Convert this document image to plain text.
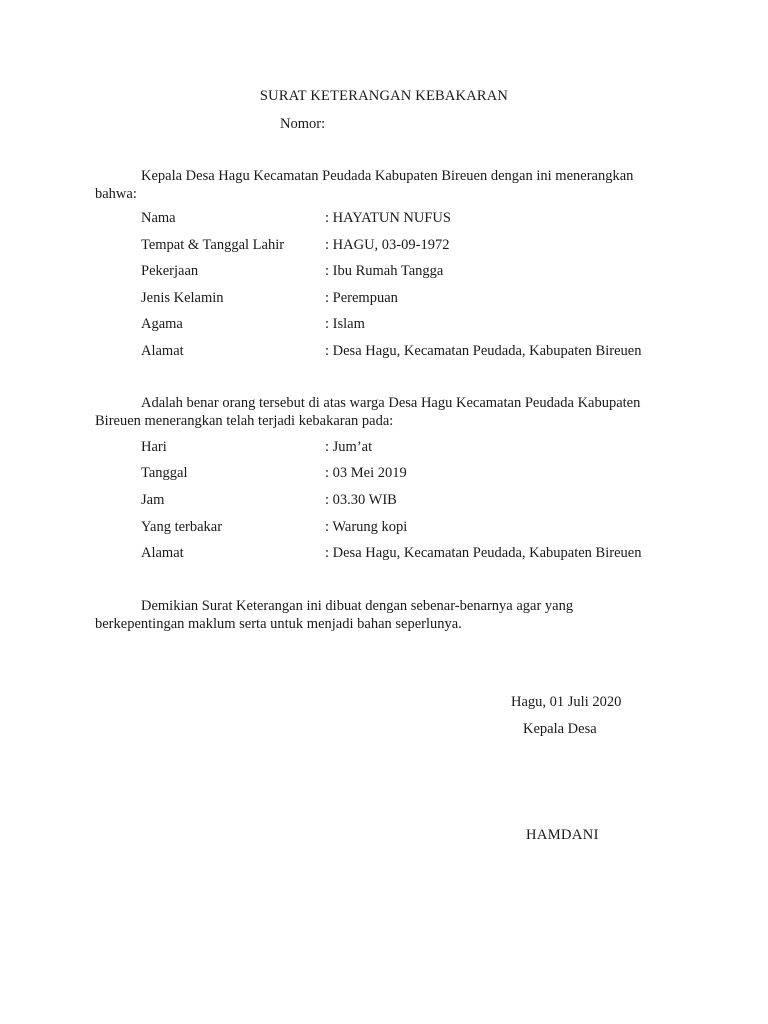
SURAT KETERANGAN KEBAKARAN
Nomor:
Kepala Desa Hagu Kecamatan Peudada Kabupaten Bireuen dengan ini menerangkan
bahwa:
Nama	: HAYATUN NUFUS
Tempat & Tanggal Lahir	: HAGU, 03-09-1972
Pekerjaan	: Ibu Rumah Tangga
Jenis Kelamin	: Perempuan
Agama	: Islam
Alamat	: Desa Hagu, Kecamatan Peudada, Kabupaten Bireuen
Adalah benar orang tersebut di atas warga Desa Hagu Kecamatan Peudada Kabupaten
Bireuen menerangkan telah terjadi kebakaran pada:
Hari	: Jum’at
Tanggal	: 03 Mei 2019
Jam	: 03.30 WIB
Yang terbakar	: Warung kopi
Alamat	: Desa Hagu, Kecamatan Peudada, Kabupaten Bireuen
Demikian Surat Keterangan ini dibuat dengan sebenar-benarnya agar yang
berkepentingan maklum serta untuk menjadi bahan seperlunya.
Hagu, 01 Juli 2020
Kepala Desa
HAMDANI
